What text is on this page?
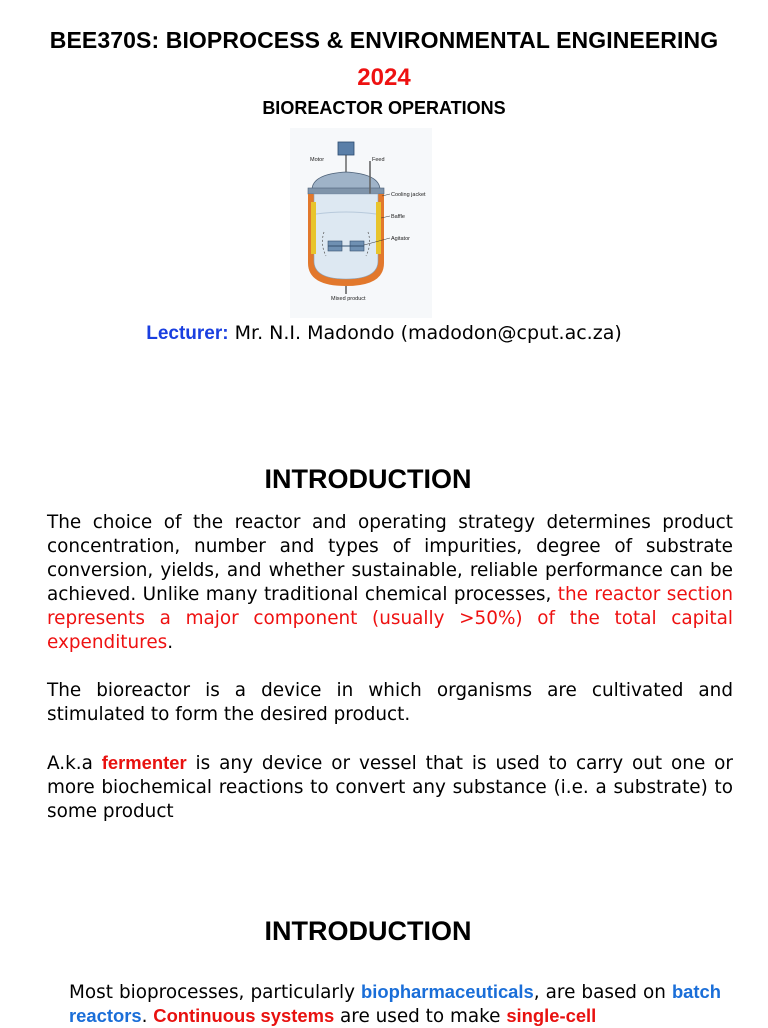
BEE370S: BIOPROCESS & ENVIRONMENTAL ENGINEERING
2024
BIOREACTOR OPERATIONS
Motor	Feed
Cooling jacket
Baffle
Agitator
Mixed product
Lecturer: Mr. N.I. Madondo (madodon@cput.ac.za)
INTRODUCTION

The choice of the reactor and operating strategy determines product concentration, number and types of impurities, degree of substrate conversion, yields, and whether sustainable, reliable performance can be achieved. Unlike many traditional chemical processes, the reactor section represents a major component (usually >50%) of the total capital expenditures.

The bioreactor is a device in which organisms are cultivated and stimulated to form the desired product.

A.k.a fermenter is any device or vessel that is used to carry out one or more biochemical reactions to convert any substance (i.e. a substrate) to some product

INTRODUCTION

Most bioprocesses, particularly biopharmaceuticals, are based on batch reactors. Continuous systems are used to make single-cell
